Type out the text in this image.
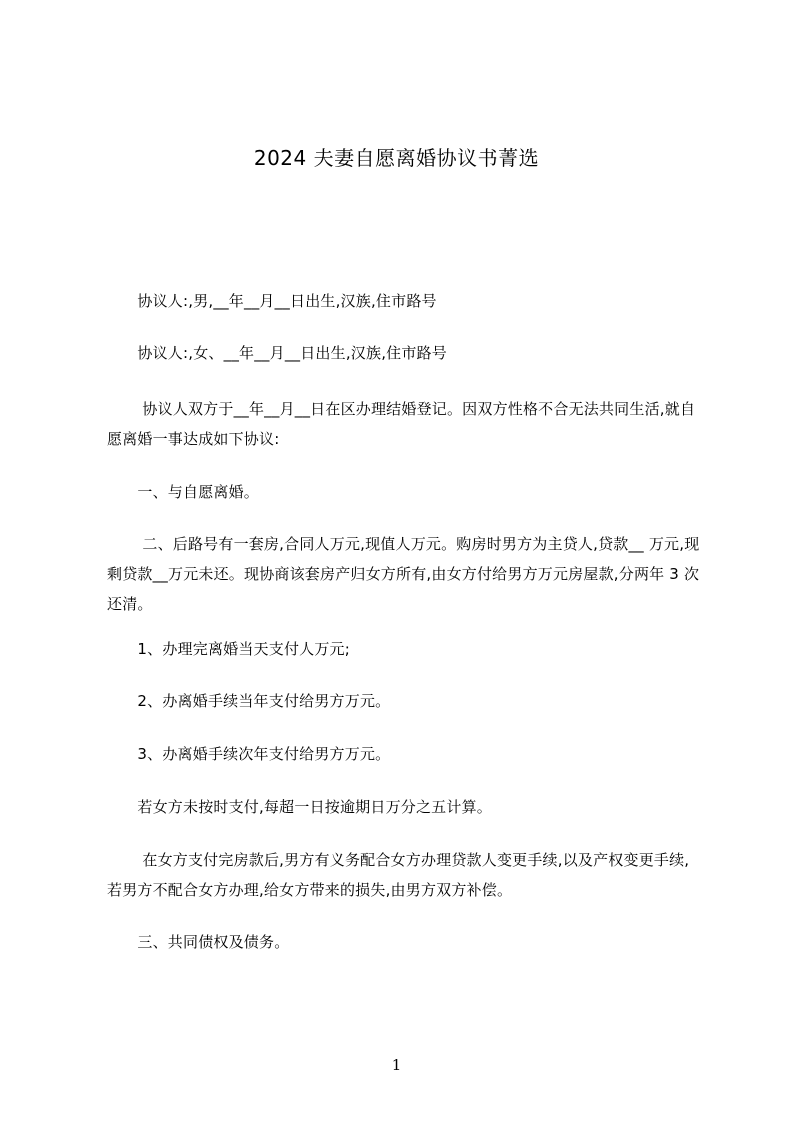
2024 夫妻自愿离婚协议书菁选
　　协议人:,男,__年__月__日出生,汉族,住市路号
　　协议人:,女、__年__月__日出生,汉族,住市路号
　　 协议人双方于__年__月__日在区办理结婚登记。因双方性格不合无法共同生活,就自愿离婚一事达成如下协议:
　　一、与自愿离婚。
　　 二、后路号有一套房,合同人万元,现值人万元。购房时男方为主贷人,贷款__ 万元,现剩贷款__万元未还。现协商该套房产归女方所有,由女方付给男方万元房屋款,分两年 3 次还清。
　　1、办理完离婚当天支付人万元;
　　2、办离婚手续当年支付给男方万元。
　　3、办离婚手续次年支付给男方万元。
　　若女方未按时支付,每超一日按逾期日万分之五计算。
　　 在女方支付完房款后,男方有义务配合女方办理贷款人变更手续,以及产权变更手续,若男方不配合女方办理,给女方带来的损失,由男方双方补偿。
　　三、共同债权及债务。
1
